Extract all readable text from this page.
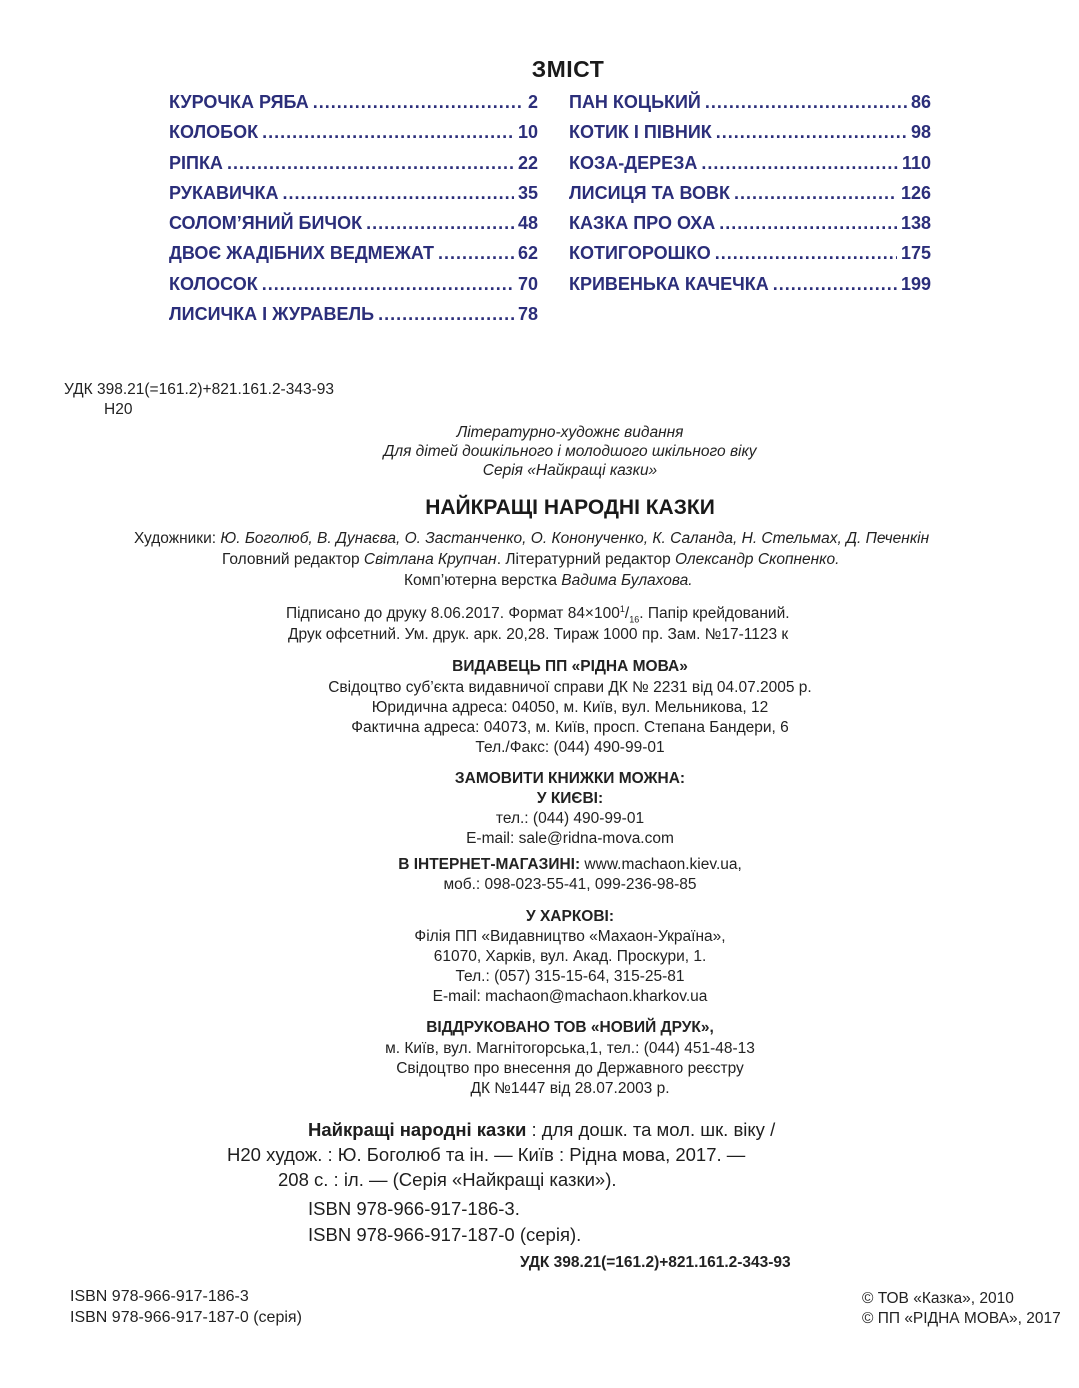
ЗМІСТ
КУРОЧКА РЯБА .....	2
КОЛОБОК .....	10
РІПКА .....	22
РУКАВИЧКА .....	35
СОЛОМ’ЯНИЙ БИЧОК .....	48
ДВОЄ ЖАДІБНИХ ВЕДМЕЖАТ .....	62
КОЛОСОК .....	70
ЛИСИЧКА І ЖУРАВЕЛЬ .....	78
ПАН КОЦЬКИЙ .....	86
КОТИК І ПІВНИК .....	98
КОЗА-ДЕРЕЗА .....	110
ЛИСИЦЯ ТА ВОВК .....	126
КАЗКА ПРО ОХА .....	138
КОТИГОРОШКО .....	175
КРИВЕНЬКА КАЧЕЧКА .....	199
УДК 398.21(=161.2)+821.161.2-343-93
Н20
Літературно-художнє видання
Для дітей дошкільного і молодшого шкільного віку
Серія «Найкращі казки»
НАЙКРАЩІ НАРОДНІ КАЗКИ
Художники: Ю. Боголюб, В. Дунаєва, О. Застанченко, О. Кононученко, К. Саланда, Н. Стельмах, Д. Печенкін
Головний редактор Світлана Крупчан. Літературний редактор Олександр Скопненко.
Комп’ютерна верстка Вадима Булахова.
Підписано до друку 8.06.2017. Формат $84\times 100^1/_{16}$. Папір крейдований.
Друк офсетний. Ум. друк. арк. 20,28. Тираж 1000 пр. Зам. №17-1123 к
ВИДАВЕЦЬ ПП «РІДНА МОВА»
Свідоцтво суб’єкта видавничої справи ДК № 2231 від 04.07.2005 р.
Юридична адреса: 04050, м. Київ, вул. Мельникова, 12
Фактична адреса: 04073, м. Київ, просп. Степана Бандери, 6
Тел./Факс: (044) 490-99-01
ЗАМОВИТИ КНИЖКИ МОЖНА:
У КИЄВІ:
тел.: (044) 490-99-01
E-mail: sale@ridna-mova.com
В ІНТЕРНЕТ-МАГАЗИНІ: www.machaon.kiev.ua,
моб.: 098-023-55-41, 099-236-98-85
У ХАРКОВІ:
Філія ПП «Видавництво «Махаон-Україна»,
61070, Харків, вул. Акад. Проскури, 1.
Тел.: (057) 315-15-64, 315-25-81
E-mail: machaon@machaon.kharkov.ua
ВІДДРУКОВАНО ТОВ «НОВИЙ ДРУК»,
м. Київ, вул. Магнітогорська,1, тел.: (044) 451-48-13
Свідоцтво про внесення до Державного реєстру
ДК №1447 від 28.07.2003 р.
Найкращі народні казки : для дошк. та мол. шк. віку /
Н20 худож. : Ю. Боголюб та ін. — Київ : Рідна мова, 2017. —
208 с. : іл. — (Серія «Найкращі казки»).
ISBN 978-966-917-186-3.
ISBN 978-966-917-187-0 (серія).
УДК 398.21(=161.2)+821.161.2-343-93
ISBN 978-966-917-186-3
ISBN 978-966-917-187-0 (серія)
© ТОВ «Казка», 2010
© ПП «РІДНА МОВА», 2017
